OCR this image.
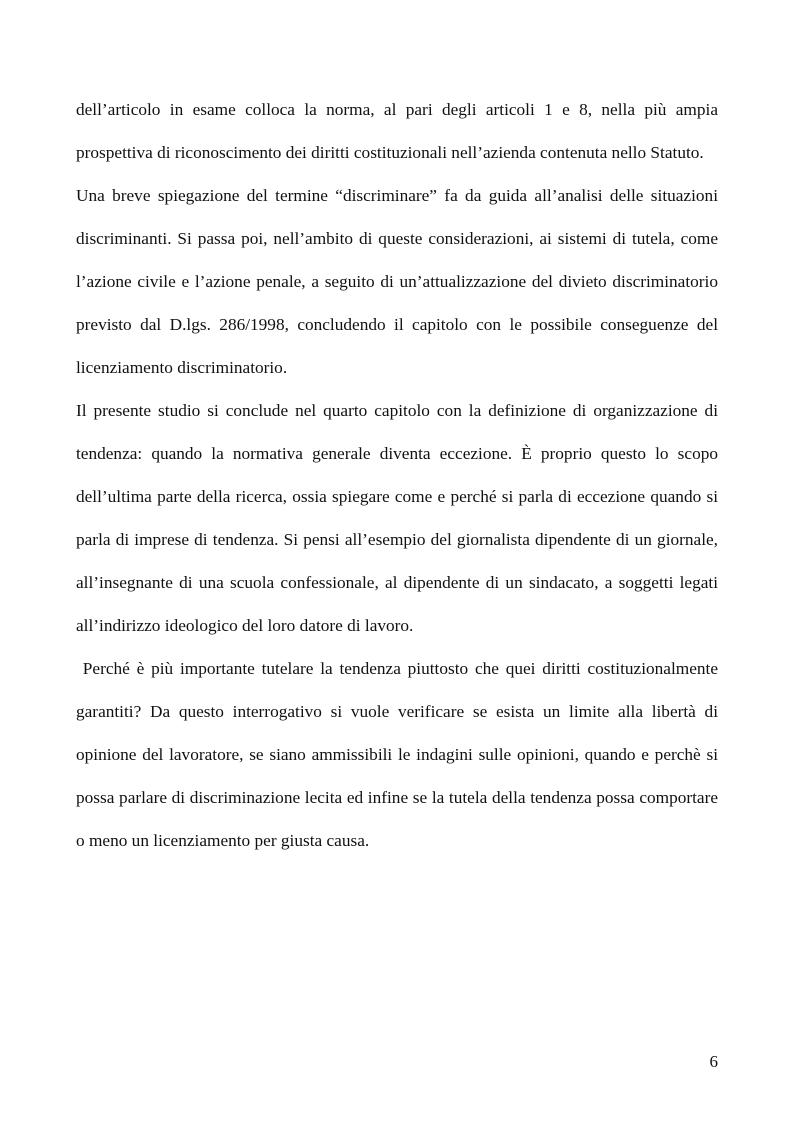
dell’articolo in esame colloca la norma, al pari degli articoli 1 e 8, nella più ampia prospettiva di riconoscimento dei diritti costituzionali nell’azienda contenuta nello Statuto.

Una breve spiegazione del termine “discriminare” fa da guida all’analisi delle situazioni discriminanti. Si passa poi, nell’ambito di queste considerazioni, ai sistemi di tutela, come l’azione civile e l’azione penale, a seguito di un’attualizzazione del divieto discriminatorio previsto dal D.lgs. 286/1998, concludendo il capitolo con le possibile conseguenze del licenziamento discriminatorio.

Il presente studio si conclude nel quarto capitolo con la definizione di organizzazione di tendenza: quando la normativa generale diventa eccezione. È proprio questo lo scopo dell’ultima parte della ricerca, ossia spiegare come e perché si parla di eccezione quando si parla di imprese di tendenza. Si pensi all’esempio del giornalista dipendente di un giornale, all’insegnante di una scuola confessionale, al dipendente di un sindacato, a soggetti legati all’indirizzo ideologico del loro datore di lavoro.

Perché è più importante tutelare la tendenza piuttosto che quei diritti costituzionalmente garantiti? Da questo interrogativo si vuole verificare se esista un limite alla libertà di opinione del lavoratore, se siano ammissibili le indagini sulle opinioni, quando e perchè si possa parlare di discriminazione lecita ed infine se la tutela della tendenza possa comportare o meno un licenziamento per giusta causa.

6
